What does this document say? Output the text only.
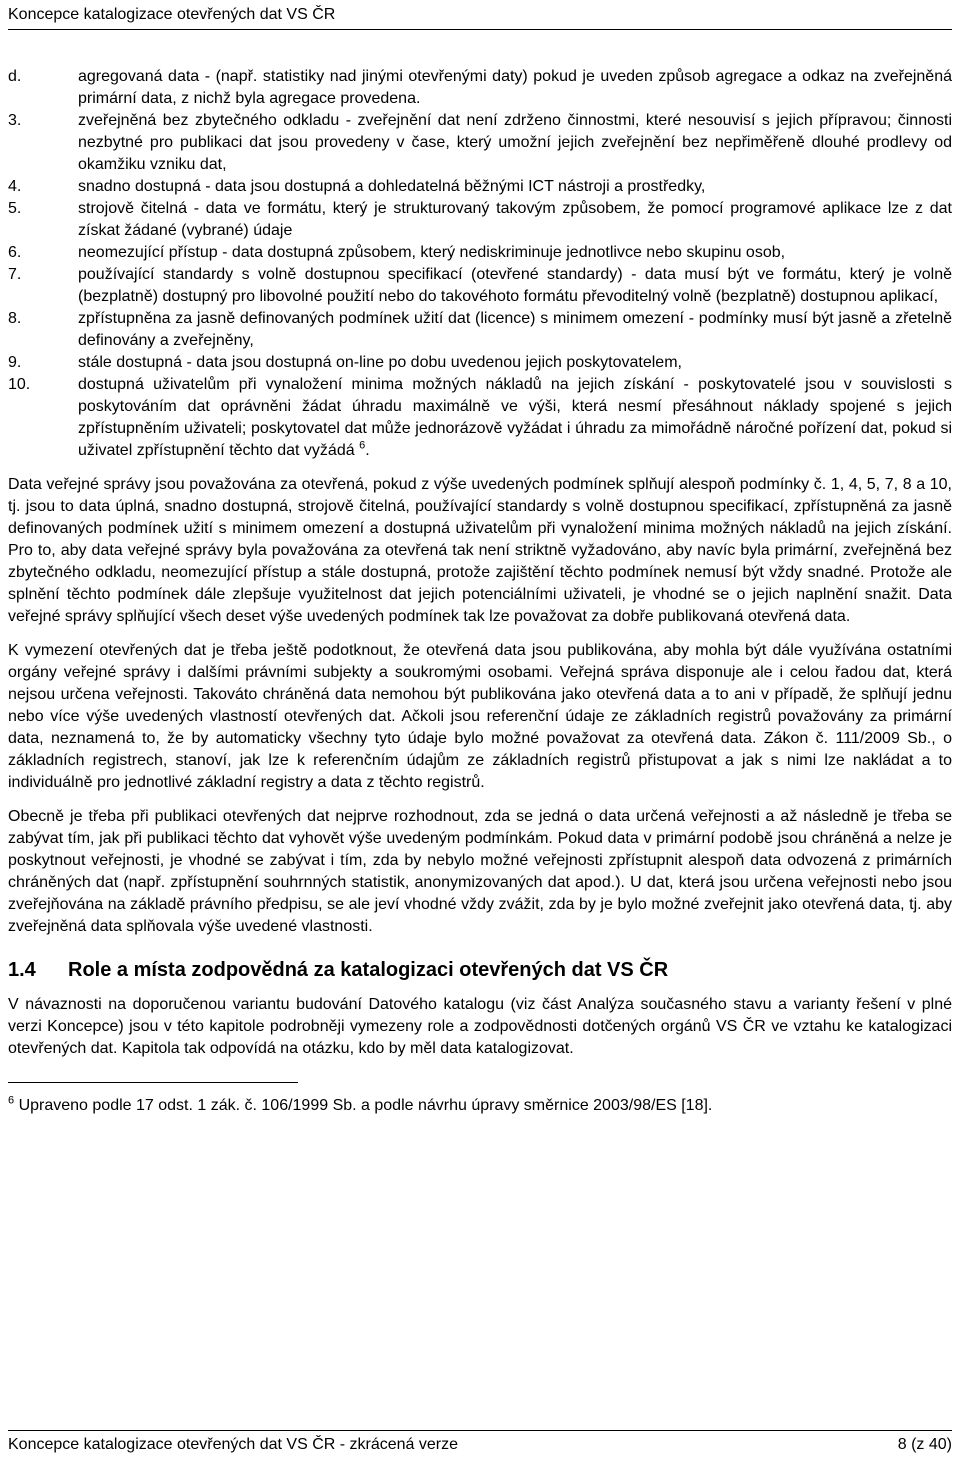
Koncepce katalogizace otevřených dat VS ČR
d.	agregovaná data - (např. statistiky nad jinými otevřenými daty) pokud je uveden způsob agregace a odkaz na zveřejněná primární data, z nichž byla agregace provedena.
3.	zveřejněná bez zbytečného odkladu - zveřejnění dat není zdrženo činnostmi, které nesouvisí s jejich přípravou; činnosti nezbytné pro publikaci dat jsou provedeny v čase, který umožní jejich zveřejnění bez nepřiměřeně dlouhé prodlevy od okamžiku vzniku dat,
4.	snadno dostupná - data jsou dostupná a dohledatelná běžnými ICT nástroji a prostředky,
5.	strojově čitelná - data ve formátu, který je strukturovaný takovým způsobem, že pomocí programové aplikace lze z dat získat žádané (vybrané) údaje
6.	neomezující přístup - data dostupná způsobem, který nediskriminuje jednotlivce nebo skupinu osob,
7.	používající standardy s volně dostupnou specifikací (otevřené standardy) - data musí být ve formátu, který je volně (bezplatně) dostupný pro libovolné použití nebo do takovéhoto formátu převoditelný volně (bezplatně) dostupnou aplikací,
8.	zpřístupněna za jasně definovaných podmínek užití dat (licence) s minimem omezení - podmínky musí být jasně a zřetelně definovány a zveřejněny,
9.	stále dostupná - data jsou dostupná on-line po dobu uvedenou jejich poskytovatelem,
10.	dostupná uživatelům při vynaložení minima možných nákladů na jejich získání - poskytovatelé jsou v souvislosti s poskytováním dat oprávněni žádat úhradu maximálně ve výši, která nesmí přesáhnout náklady spojené s jejich zpřístupněním uživateli; poskytovatel dat může jednorázově vyžádat i úhradu za mimořádně náročné pořízení dat, pokud si uživatel zpřístupnění těchto dat vyžádá $^6$.

Data veřejné správy jsou považována za otevřená, pokud z výše uvedených podmínek splňují alespoň podmínky č. 1, 4, 5, 7, 8 a 10, tj. jsou to data úplná, snadno dostupná, strojově čitelná, používající standardy s volně dostupnou specifikací, zpřístupněná za jasně definovaných podmínek užití s minimem omezení a dostupná uživatelům při vynaložení minima možných nákladů na jejich získání. Pro to, aby data veřejné správy byla považována za otevřená tak není striktně vyžadováno, aby navíc byla primární, zveřejněná bez zbytečného odkladu, neomezující přístup a stále dostupná, protože zajištění těchto podmínek nemusí být vždy snadné. Protože ale splnění těchto podmínek dále zlepšuje využitelnost dat jejich potenciálními uživateli, je vhodné se o jejich naplnění snažit. Data veřejné správy splňující všech deset výše uvedených podmínek tak lze považovat za dobře publikovaná otevřená data.

K vymezení otevřených dat je třeba ještě podotknout, že otevřená data jsou publikována, aby mohla být dále využívána ostatními orgány veřejné správy i dalšími právními subjekty a soukromými osobami. Veřejná správa disponuje ale i celou řadou dat, která nejsou určena veřejnosti. Takováto chráněná data nemohou být publikována jako otevřená data a to ani v případě, že splňují jednu nebo více výše uvedených vlastností otevřených dat. Ačkoli jsou referenční údaje ze základních registrů považovány za primární data, neznamená to, že by automaticky všechny tyto údaje bylo možné považovat za otevřená data. Zákon č. 111/2009 Sb., o základních registrech, stanoví, jak lze k referenčním údajům ze základních registrů přistupovat a jak s nimi lze nakládat a to individuálně pro jednotlivé základní registry a data z těchto registrů.

Obecně je třeba při publikaci otevřených dat nejprve rozhodnout, zda se jedná o data určená veřejnosti a až následně je třeba se zabývat tím, jak při publikaci těchto dat vyhovět výše uvedeným podmínkám. Pokud data v primární podobě jsou chráněná a nelze je poskytnout veřejnosti, je vhodné se zabývat i tím, zda by nebylo možné veřejnosti zpřístupnit alespoň data odvozená z primárních chráněných dat (např. zpřístupnění souhrnných statistik, anonymizovaných dat apod.). U dat, která jsou určena veřejnosti nebo jsou zveřejňována na základě právního předpisu, se ale jeví vhodné vždy zvážit, zda by je bylo možné zveřejnit jako otevřená data, tj. aby zveřejněná data splňovala výše uvedené vlastnosti.

1.4	Role a místa zodpovědná za katalogizaci otevřených dat VS ČR

V návaznosti na doporučenou variantu budování Datového katalogu (viz část Analýza současného stavu a varianty řešení v plné verzi Koncepce) jsou v této kapitole podrobněji vymezeny role a zodpovědnosti dotčených orgánů VS ČR ve vztahu ke katalogizaci otevřených dat. Kapitola tak odpovídá na otázku, kdo by měl data katalogizovat.

$^6$ Upraveno podle 17 odst. 1 zák. č. 106/1999 Sb. a podle návrhu úpravy směrnice 2003/98/ES [18].
Koncepce katalogizace otevřených dat VS ČR - zkrácená verze	8 (z 40)
